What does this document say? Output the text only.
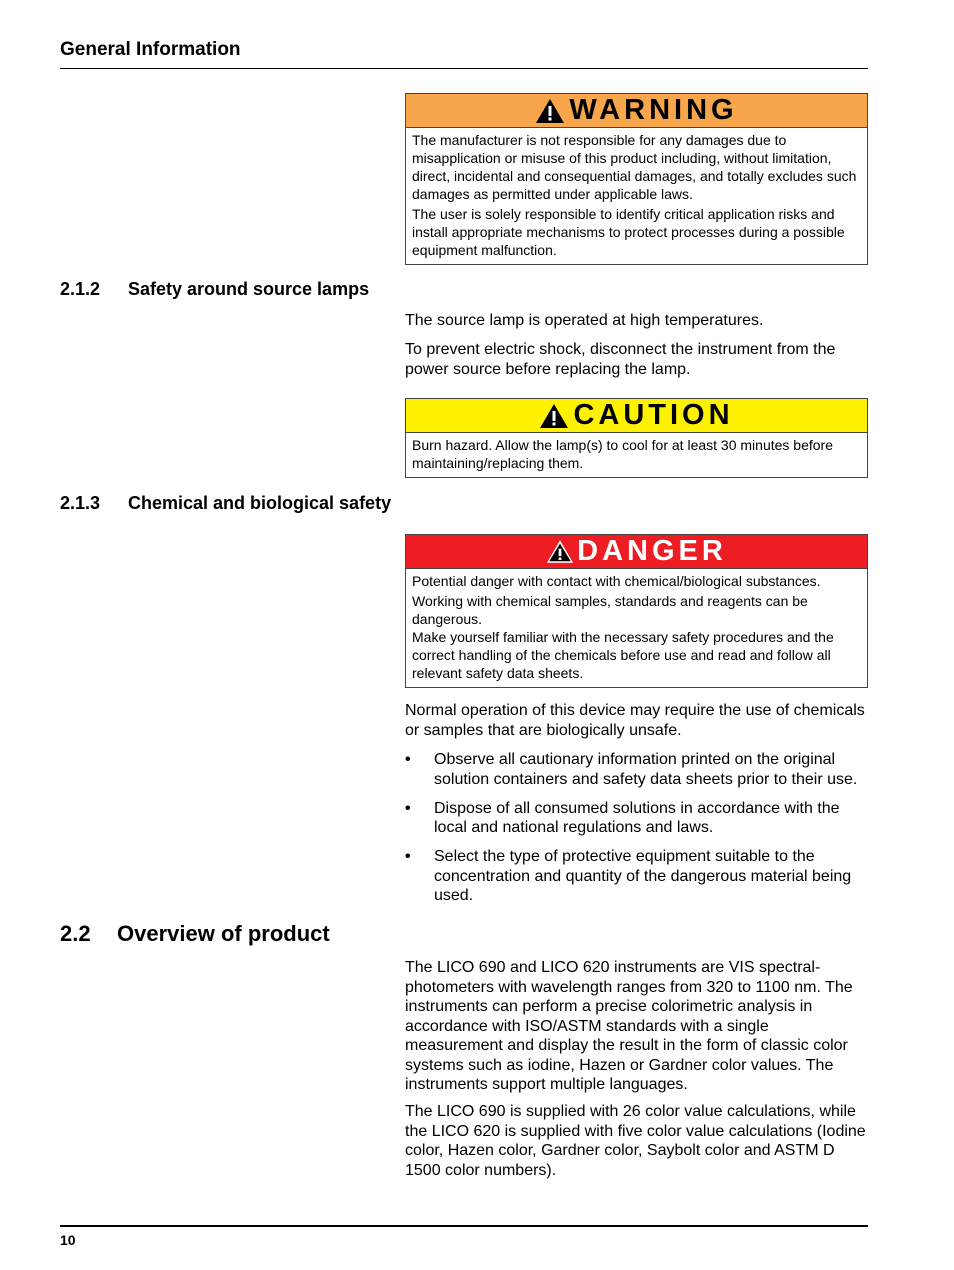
General Information
WARNING

The manufacturer is not responsible for any damages due to misapplication or misuse of this product including, without limitation, direct, incidental and consequential damages, and totally excludes such damages as permitted under applicable laws.

The user is solely responsible to identify critical application risks and install appropriate mechanisms to protect processes during a possible equipment malfunction.

2.1.2 Safety around source lamps

The source lamp is operated at high temperatures.

To prevent electric shock, disconnect the instrument from the power source before replacing the lamp.

CAUTION

Burn hazard. Allow the lamp(s) to cool for at least 30 minutes before maintaining/replacing them.

2.1.3 Chemical and biological safety
DANGER

Potential danger with contact with chemical/biological substances.

Working with chemical samples, standards and reagents can be dangerous.

Make yourself familiar with the necessary safety procedures and the correct handling of the chemicals before use and read and follow all relevant safety data sheets.

Normal operation of this device may require the use of chemicals or samples that are biologically unsafe.

• Observe all cautionary information printed on the original solution containers and safety data sheets prior to their use.
• Dispose of all consumed solutions in accordance with the local and national regulations and laws.
• Select the type of protective equipment suitable to the concentration and quantity of the dangerous material being used.
2.2 Overview of product

The LICO 690 and LICO 620 instruments are VIS spectral-photometers with wavelength ranges from 320 to 1100 nm. The instruments can perform a precise colorimetric analysis in accordance with ISO/ASTM standards with a single measurement and display the result in the form of classic color systems such as iodine, Hazen or Gardner color values. The instruments support multiple languages.

The LICO 690 is supplied with 26 color value calculations, while the LICO 620 is supplied with five color value calculations (Iodine color, Hazen color, Gardner color, Saybolt color and ASTM D 1500 color numbers).

10
